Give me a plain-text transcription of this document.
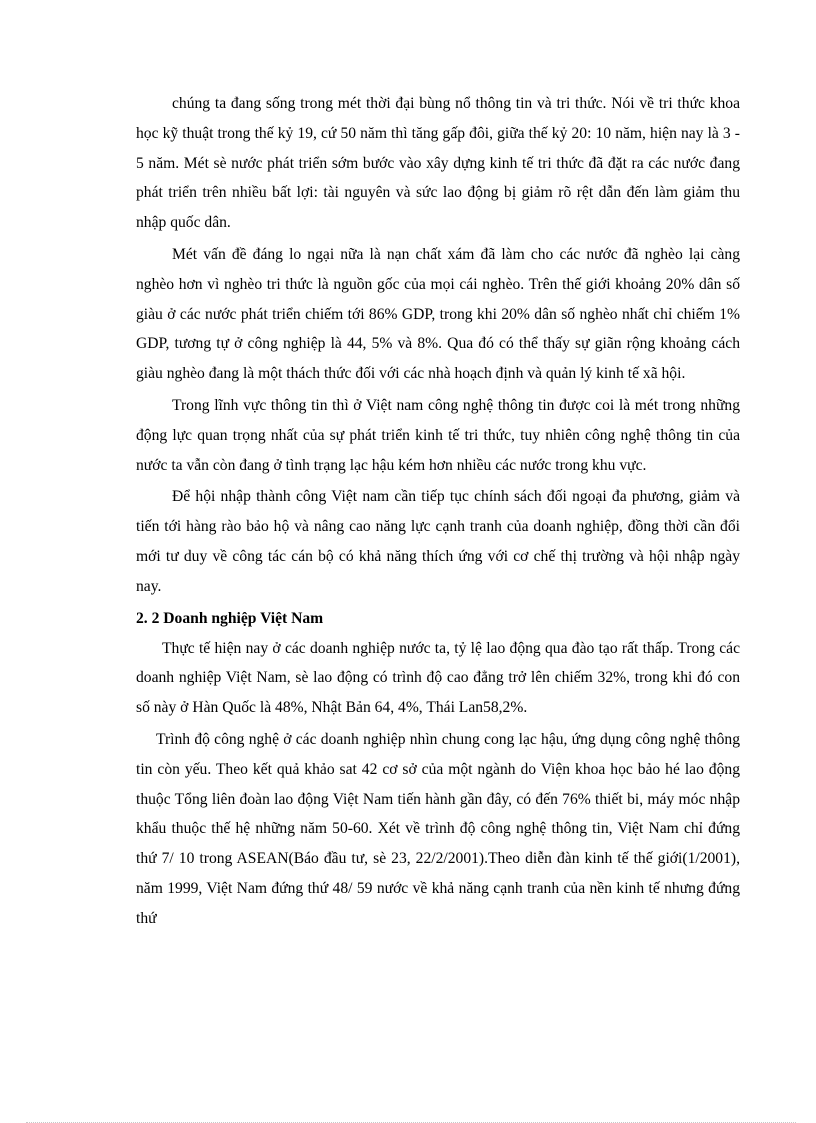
chúng ta đang sống trong mét thời đại bùng nổ thông tin và tri thức. Nói về tri thức khoa học kỹ thuật trong thế kỷ 19, cứ 50 năm thì tăng gấp đôi, giữa thế kỷ 20: 10 năm, hiện nay là 3 - 5 năm. Mét sè nước phát triển sớm bước vào xây dựng kinh tế tri thức đã đặt ra các nước đang phát triển trên nhiều bất lợi: tài nguyên và sức lao động bị giảm rõ rệt dẫn đến làm giảm thu nhập quốc dân.

Mét vấn đề đáng lo ngại nữa là nạn chất xám đã làm cho các nước đã nghèo lại càng nghèo hơn vì nghèo tri thức là nguồn gốc của mọi cái nghèo. Trên thế giới khoảng 20% dân số giàu ở các nước phát triển chiếm tới 86% GDP, trong khi 20% dân số nghèo nhất chỉ chiếm 1% GDP, tương tự ở công nghiệp là 44, 5% và 8%. Qua đó có thể thấy sự giãn rộng khoảng cách giàu nghèo đang là một thách thức đối với các nhà hoạch định và quản lý kinh tế xã hội.

Trong lĩnh vực thông tin thì ở Việt nam công nghệ thông tin được coi là mét trong những động lực quan trọng nhất của sự phát triển kinh tế tri thức, tuy nhiên công nghệ thông tin của nước ta vẫn còn đang ở tình trạng lạc hậu kém hơn nhiều các nước trong khu vực.

Để hội nhập thành công Việt nam cần tiếp tục chính sách đối ngoại đa phương, giảm và tiến tới hàng rào bảo hộ và nâng cao năng lực cạnh tranh của doanh nghiệp, đồng thời cần đổi mới tư duy về công tác cán bộ có khả năng thích ứng với cơ chế thị trường và hội nhập ngày nay.

2. 2 Doanh nghiệp Việt Nam

Thực tế hiện nay ở các doanh nghiệp nước ta, tỷ lệ lao động qua đào tạo rất thấp. Trong các doanh nghiệp Việt Nam, sè lao động có trình độ cao đẳng trở lên chiếm 32%, trong khi đó con số này ở Hàn Quốc là 48%, Nhật Bản 64, 4%, Thái Lan58,2%.

Trình độ công nghệ ở các doanh nghiệp nhìn chung cong lạc hậu, ứng dụng công nghệ thông tin còn yếu. Theo kết quả khảo sat 42 cơ sở của một ngành do Viện khoa học bảo hé lao động thuộc Tổng liên đoàn lao động Việt Nam tiến hành gần đây, có đến 76% thiết bi, máy móc nhập khẩu thuộc thế hệ những năm 50-60. Xét về trình độ công nghệ thông tin, Việt Nam chỉ đứng thứ 7/ 10 trong ASEAN(Báo đầu tư, sè 23, 22/2/2001).Theo diễn đàn kinh tế thế giới(1/2001), năm 1999, Việt Nam đứng thứ 48/ 59 nước về khả năng cạnh tranh của nền kinh tế nhưng đứng thứ
